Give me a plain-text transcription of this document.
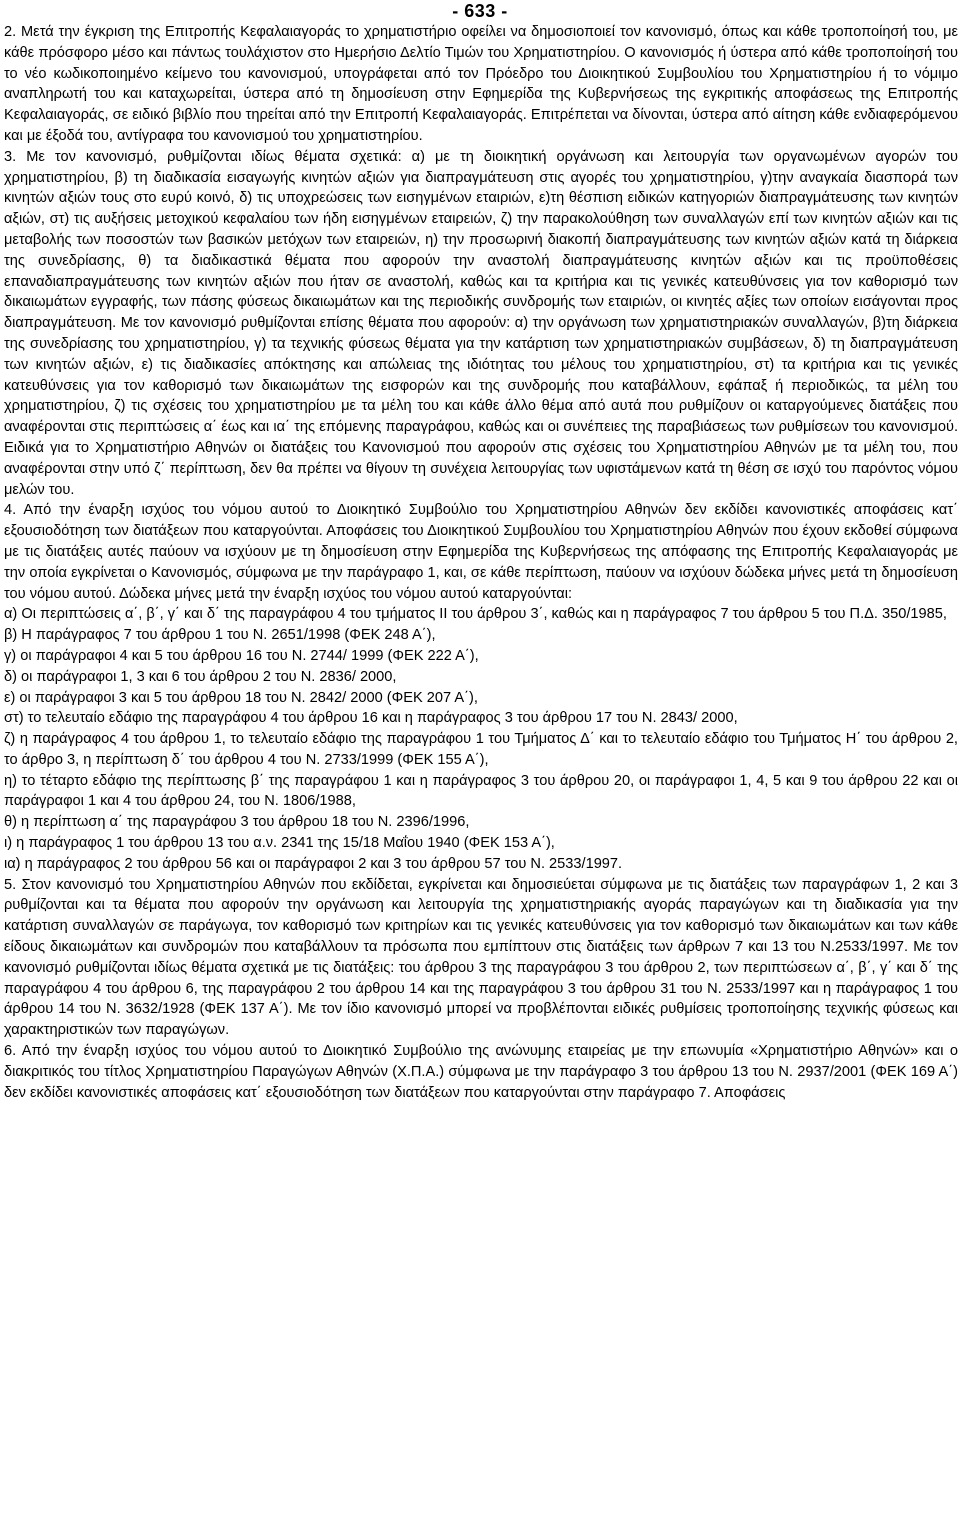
- 633 -

2. Μετά την έγκριση της Επιτροπής Κεφαλαιαγοράς το χρηματιστήριο οφείλει να δημοσιοποιεί τον κανονισμό, όπως και κάθε τροποποίησή του, με κάθε πρόσφορο μέσο και πάντως τουλάχιστον στο Ημερήσιο Δελτίο Τιμών του Χρηματιστηρίου. Ο κανονισμός ή ύστερα από κάθε τροποποίησή του το νέο κωδικοποιημένο κείμενο του κανονισμού, υπογράφεται από τον Πρόεδρο του Διοικητικού Συμβουλίου του Χρηματιστηρίου ή το νόμιμο αναπληρωτή του και καταχωρείται, ύστερα από τη δημοσίευση στην Εφημερίδα της Κυβερνήσεως της εγκριτικής αποφάσεως της Επιτροπής Κεφαλαιαγοράς, σε ειδικό βιβλίο που τηρείται από την Επιτροπή Κεφαλαιαγοράς. Επιτρέπεται να δίνονται, ύστερα από αίτηση κάθε ενδιαφερόμενου και με έξοδά του, αντίγραφα του κανονισμού του χρηματιστηρίου.

3. Με τον κανονισμό, ρυθμίζονται ιδίως θέματα σχετικά: α) με τη διοικητική οργάνωση και λειτουργία των οργανωμένων αγορών του χρηματιστηρίου, β) τη διαδικασία εισαγωγής κινητών αξιών για διαπραγμάτευση στις αγορές του χρηματιστηρίου, γ)την αναγκαία διασπορά των κινητών αξιών τους στο ευρύ κοινό, δ) τις υποχρεώσεις των εισηγμένων εταιριών, ε)τη θέσπιση ειδικών κατηγοριών διαπραγμάτευσης των κινητών αξιών, στ) τις αυξήσεις μετοχικού κεφαλαίου των ήδη εισηγμένων εταιρειών, ζ) την παρακολούθηση των συναλλαγών επί των κινητών αξιών και τις μεταβολής των ποσοστών των βασικών μετόχων των εταιρειών, η) την προσωρινή διακοπή διαπραγμάτευσης των κινητών αξιών κατά τη διάρκεια της συνεδρίασης, θ) τα διαδικαστικά θέματα που αφορούν την αναστολή διαπραγμάτευσης κινητών αξιών και τις προϋποθέσεις επαναδιαπραγμάτευσης των κινητών αξιών που ήταν σε αναστολή, καθώς και τα κριτήρια και τις γενικές κατευθύνσεις για τον καθορισμό των δικαιωμάτων εγγραφής, των πάσης φύσεως δικαιωμάτων και της περιοδικής συνδρομής των εταιριών, οι κινητές αξίες των οποίων εισάγονται προς διαπραγμάτευση. Με τον κανονισμό ρυθμίζονται επίσης θέματα που αφορούν: α) την οργάνωση των χρηματιστηριακών συναλλαγών, β)τη διάρκεια της συνεδρίασης του χρηματιστηρίου, γ) τα τεχνικής φύσεως θέματα για την κατάρτιση των χρηματιστηριακών συμβάσεων, δ) τη διαπραγμάτευση των κινητών αξιών, ε) τις διαδικασίες απόκτησης και απώλειας της ιδιότητας του μέλους του χρηματιστηρίου, στ) τα κριτήρια και τις γενικές κατευθύνσεις για τον καθορισμό των δικαιωμάτων της εισφορών και της συνδρομής που καταβάλλουν, εφάπαξ ή περιοδικώς, τα μέλη του χρηματιστηρίου, ζ) τις σχέσεις του χρηματιστηρίου με τα μέλη του και κάθε άλλο θέμα από αυτά που ρυθμίζουν οι καταργούμενες διατάξεις που αναφέρονται στις περιπτώσεις α΄ έως και ια΄ της επόμενης παραγράφου, καθώς και οι συνέπειες της παραβιάσεως των ρυθμίσεων του κανονισμού. Ειδικά για το Χρηματιστήριο Αθηνών οι διατάξεις του Κανονισμού που αφορούν στις σχέσεις του Χρηματιστηρίου Αθηνών με τα μέλη του, που αναφέρονται στην υπό ζ΄ περίπτωση, δεν θα πρέπει να θίγουν τη συνέχεια λειτουργίας των υφιστάμενων κατά τη θέση σε ισχύ του παρόντος νόμου μελών του.

4. Από την έναρξη ισχύος του νόμου αυτού το Διοικητικό Συμβούλιο του Χρηματιστηρίου Αθηνών δεν εκδίδει κανονιστικές αποφάσεις κατ΄ εξουσιοδότηση των διατάξεων που καταργούνται. Αποφάσεις του Διοικητικού Συμβουλίου του Χρηματιστηρίου Αθηνών που έχουν εκδοθεί σύμφωνα με τις διατάξεις αυτές παύουν να ισχύουν με τη δημοσίευση στην Εφημερίδα της Κυβερνήσεως της απόφασης της Επιτροπής Κεφαλαιαγοράς με την οποία εγκρίνεται ο Κανονισμός, σύμφωνα με την παράγραφο 1, και, σε κάθε περίπτωση, παύουν να ισχύουν δώδεκα μήνες μετά τη δημοσίευση του νόμου αυτού. Δώδεκα μήνες μετά την έναρξη ισχύος του νόμου αυτού καταργούνται:

α) Οι περιπτώσεις α΄, β΄, γ΄ και δ΄ της παραγράφου 4 του τμήματος ΙΙ του άρθρου 3΄, καθώς και η παράγραφος 7 του άρθρου 5 του Π.Δ. 350/1985,

β) Η παράγραφος 7 του άρθρου 1 του Ν. 2651/1998 (ΦΕΚ 248 Α΄),

γ) οι παράγραφοι 4 και 5 του άρθρου 16 του Ν. 2744/ 1999 (ΦΕΚ 222 Α΄),

δ) οι παράγραφοι 1, 3 και 6 του άρθρου 2 του Ν. 2836/ 2000,

ε) οι παράγραφοι 3 και 5 του άρθρου 18 του Ν. 2842/ 2000 (ΦΕΚ 207 Α΄),

στ) το τελευταίο εδάφιο της παραγράφου 4 του άρθρου 16 και η παράγραφος 3 του άρθρου 17 του Ν. 2843/ 2000,

ζ) η παράγραφος 4 του άρθρου 1, το τελευταίο εδάφιο της παραγράφου 1 του Τμήματος Δ΄ και το τελευταίο εδάφιο του Τμήματος Η΄ του άρθρου 2, το άρθρο 3, η περίπτωση δ΄ του άρθρου 4 του Ν. 2733/1999 (ΦΕΚ 155 Α΄),

η) το τέταρτο εδάφιο της περίπτωσης β΄ της παραγράφου 1 και η παράγραφος 3 του άρθρου 20, οι παράγραφοι 1, 4, 5 και 9 του άρθρου 22 και οι παράγραφοι 1 και 4 του άρθρου 24, του Ν. 1806/1988,

θ) η περίπτωση α΄ της παραγράφου 3 του άρθρου 18 του Ν. 2396/1996,

ι) η παράγραφος 1 του άρθρου 13 του α.ν. 2341 της 15/18 Μαΐου 1940 (ΦΕΚ 153 Α΄),

ια) η παράγραφος 2 του άρθρου 56 και οι παράγραφοι 2 και 3 του άρθρου 57 του Ν. 2533/1997.

5. Στον κανονισμό του Χρηματιστηρίου Αθηνών που εκδίδεται, εγκρίνεται και δημοσιεύεται σύμφωνα με τις διατάξεις των παραγράφων 1, 2 και 3 ρυθμίζονται και τα θέματα που αφορούν την οργάνωση και λειτουργία της χρηματιστηριακής αγοράς παραγώγων και τη διαδικασία για την κατάρτιση συναλλαγών σε παράγωγα, τον καθορισμό των κριτηρίων και τις γενικές κατευθύνσεις για τον καθορισμό των δικαιωμάτων και των κάθε είδους δικαιωμάτων και συνδρομών που καταβάλλουν τα πρόσωπα που εμπίπτουν στις διατάξεις των άρθρων 7 και 13 του Ν.2533/1997. Με τον κανονισμό ρυθμίζονται ιδίως θέματα σχετικά με τις διατάξεις: του άρθρου 3 της παραγράφου 3 του άρθρου 2, των περιπτώσεων α΄, β΄, γ΄ και δ΄ της παραγράφου 4 του άρθρου 6, της παραγράφου 2 του άρθρου 14 και της παραγράφου 3 του άρθρου 31 του Ν. 2533/1997 και η παράγραφος 1 του άρθρου 14 του Ν. 3632/1928 (ΦΕΚ 137 Α΄). Με τον ίδιο κανονισμό μπορεί να προβλέπονται ειδικές ρυθμίσεις τροποποίησης τεχνικής φύσεως και χαρακτηριστικών των παραγώγων.

6. Από την έναρξη ισχύος του νόμου αυτού το Διοικητικό Συμβούλιο της ανώνυμης εταιρείας με την επωνυμία «Χρηματιστήριο Αθηνών» και ο διακριτικός του τίτλος Χρηματιστηρίου Παραγώγων Αθηνών (Χ.Π.Α.) σύμφωνα με την παράγραφο 3 του άρθρου 13 του Ν. 2937/2001 (ΦΕΚ 169 Α΄) δεν εκδίδει κανονιστικές αποφάσεις κατ΄ εξουσιοδότηση των διατάξεων που καταργούνται στην παράγραφο 7. Αποφάσεις
